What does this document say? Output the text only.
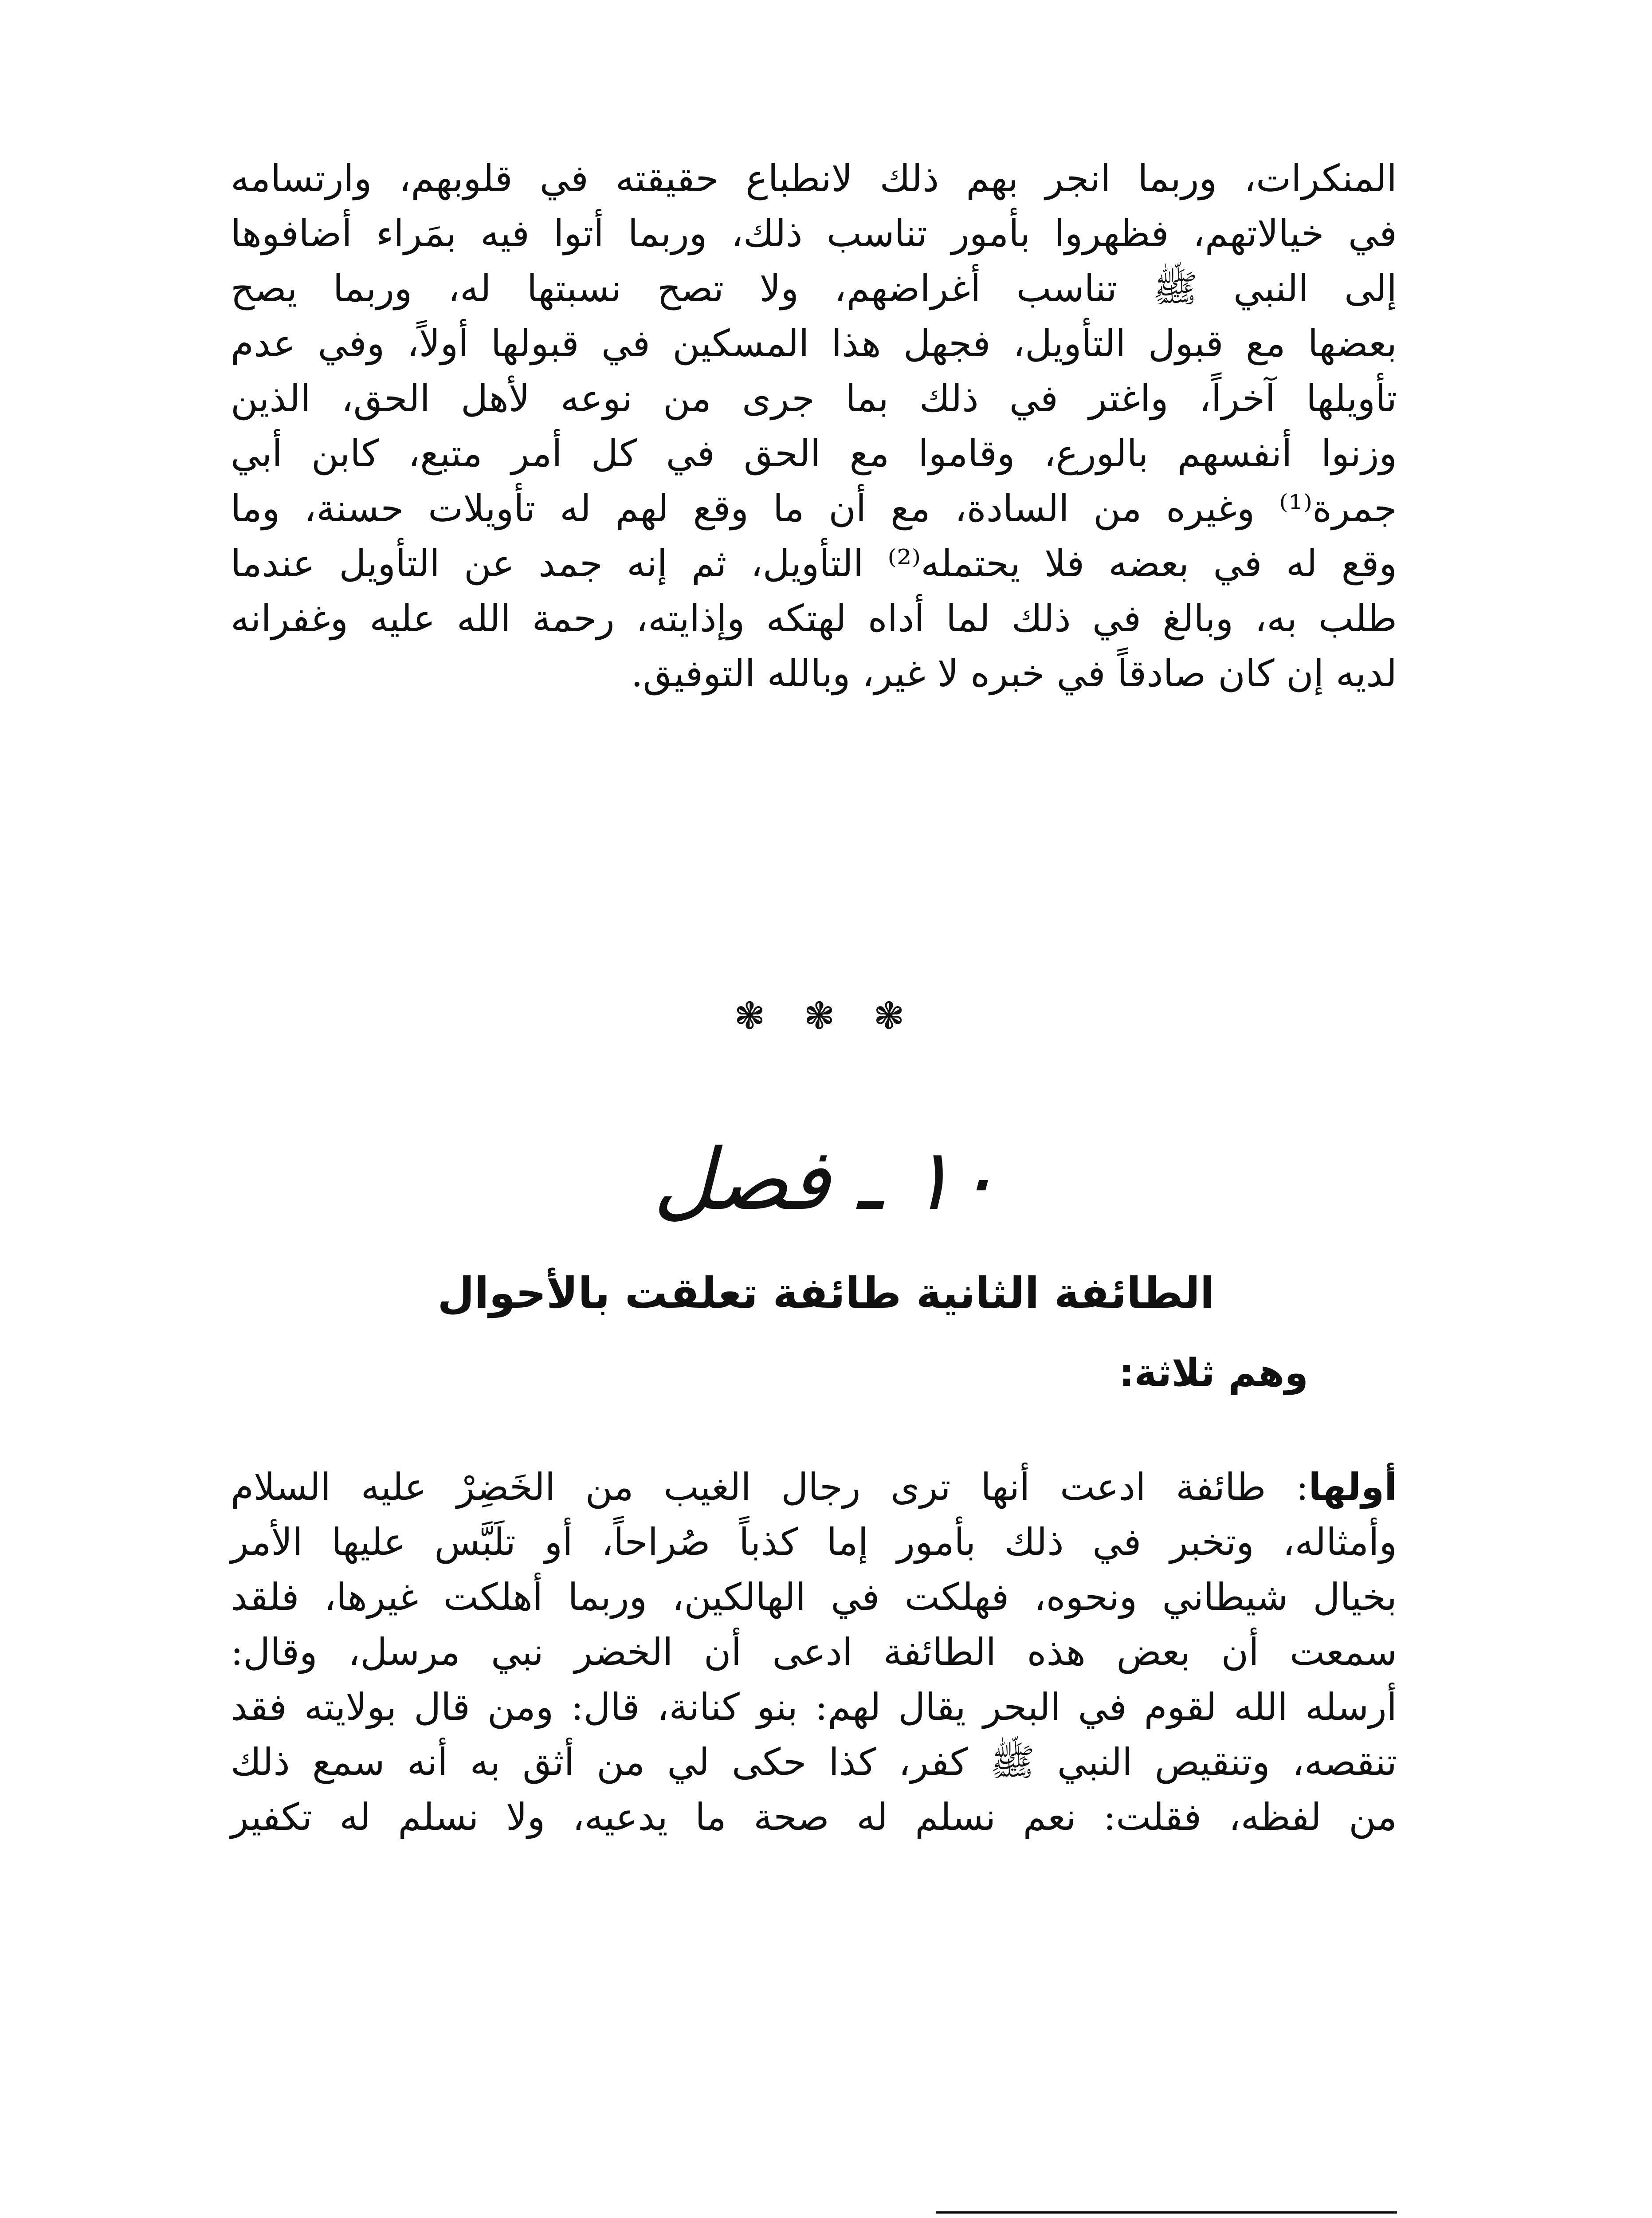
المنكرات، وربما انجر بهم ذلك لانطباع حقيقته في قلوبهم، وارتسامه
في خيالاتهم، فظهروا بأمور تناسب ذلك، وربما أتوا فيه بمَراء أضافوها
إلى النبي ﷺ تناسب أغراضهم، ولا تصح نسبتها له، وربما يصح
بعضها مع قبول التأويل، فجهل هذا المسكين في قبولها أولاً، وفي عدم
تأويلها آخراً، واغتر في ذلك بما جرى من نوعه لأهل الحق، الذين
وزنوا أنفسهم بالورع، وقاموا مع الحق في كل أمر متبع، كابن أبي
جمرة⁽¹⁾ وغيره من السادة، مع أن ما وقع لهم له تأويلات حسنة، وما
وقع له في بعضه فلا يحتمله⁽²⁾ التأويل، ثم إنه جمد عن التأويل عندما
طلب به، وبالغ في ذلك لما أداه لهتكه وإذايته، رحمة الله عليه وغفرانه
لديه إن كان صادقاً في خبره لا غير، وبالله التوفيق.
❃ ❃ ❃
١٠ ـ فصل
الطائفة الثانية طائفة تعلقت بالأحوال
وهم ثلاثة:
أولها: طائفة ادعت أنها ترى رجال الغيب من الخَضِرْ عليه السلام
وأمثاله، وتخبر في ذلك بأمور إما كذباً صُراحاً، أو تلَبَّس عليها الأمر
بخيال شيطاني ونحوه، فهلكت في الهالكين، وربما أهلكت غيرها، فلقد
سمعت أن بعض هذه الطائفة ادعى أن الخضر نبي مرسل، وقال:
أرسله الله لقوم في البحر يقال لهم: بنو كنانة، قال: ومن قال بولايته فقد
تنقصه، وتنقيص النبي ﷺ كفر، كذا حكى لي من أثق به أنه سمع ذلك
من لفظه، فقلت: نعم نسلم له صحة ما يدعيه، ولا نسلم له تكفير
